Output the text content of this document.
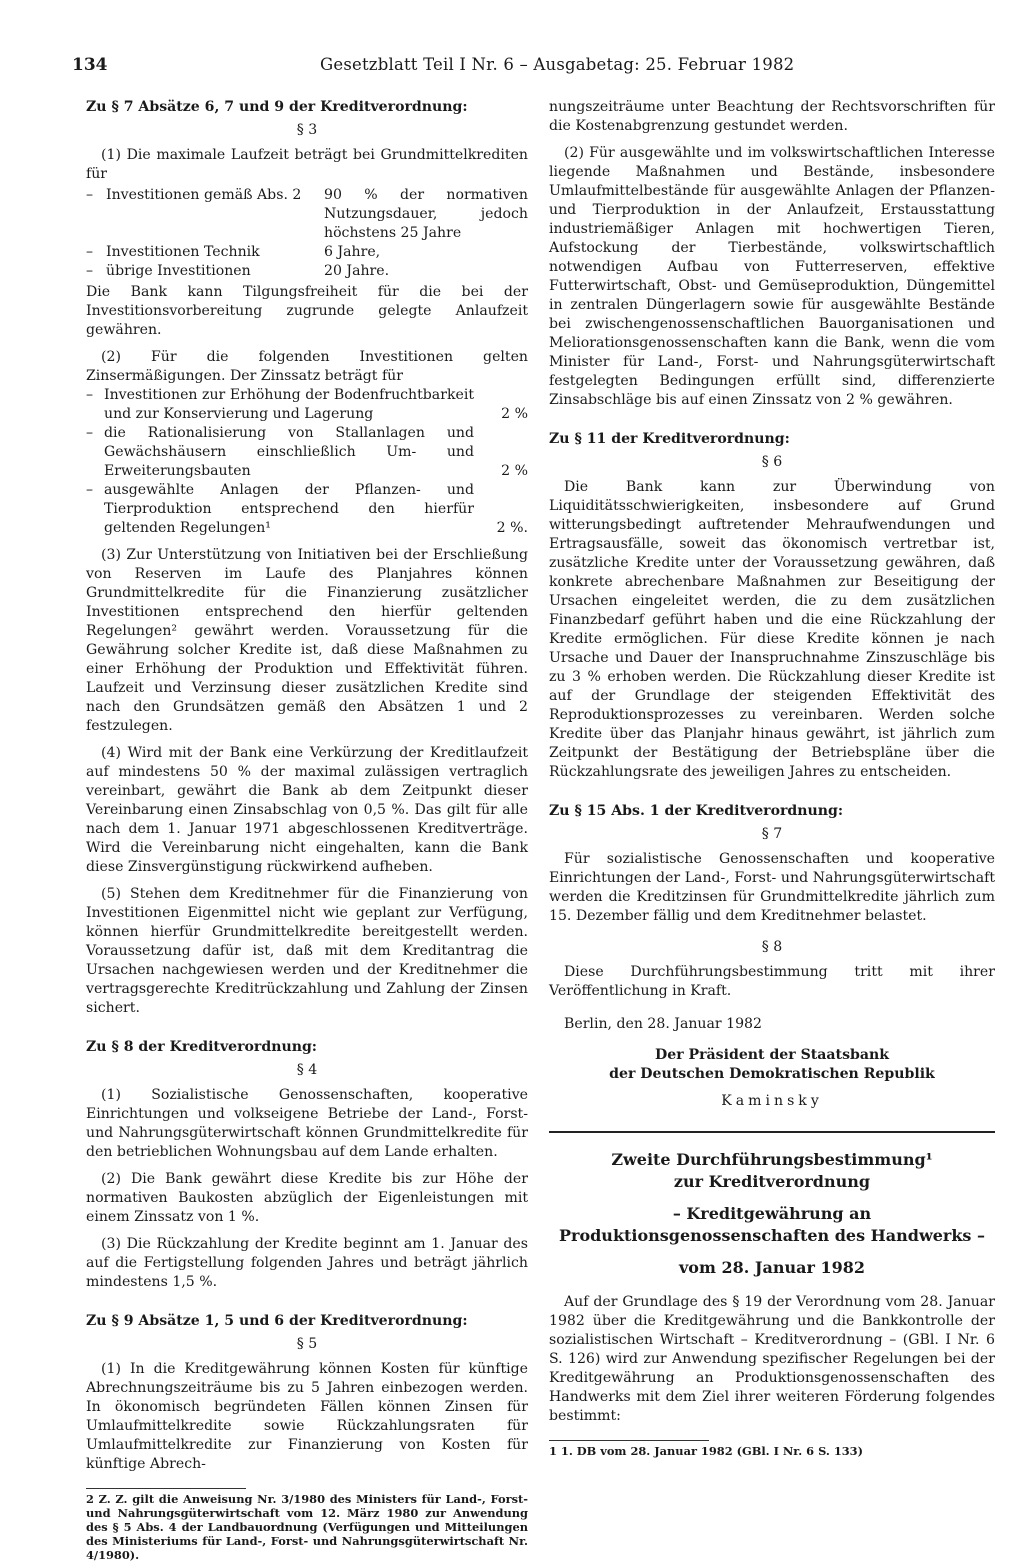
134	Gesetzblatt Teil I Nr. 6 – Ausgabetag: 25. Februar 1982

Zu § 7 Absätze 6, 7 und 9 der Kreditverordnung:

§ 3

(1) Die maximale Laufzeit beträgt bei Grundmittelkrediten für

– Investitionen gemäß Abs. 2	90 % der normativen Nutzungsdauer, jedoch höchstens 25 Jahre
– Investitionen Technik	6 Jahre,
– übrige Investitionen	20 Jahre.

Die Bank kann Tilgungsfreiheit für die bei der Investitionsvorbereitung zugrunde gelegte Anlaufzeit gewähren.

(2) Für die folgenden Investitionen gelten Zinsermäßigungen. Der Zinssatz beträgt für

– Investitionen zur Erhöhung der Bodenfruchtbarkeit und zur Konservierung und Lagerung	2 %
– die Rationalisierung von Stallanlagen und Gewächshäusern einschließlich Um- und Erweiterungsbauten	2 %
– ausgewählte Anlagen der Pflanzen- und Tierproduktion entsprechend den hierfür geltenden Regelungen¹	2 %.

(3) Zur Unterstützung von Initiativen bei der Erschließung von Reserven im Laufe des Planjahres können Grundmittelkredite für die Finanzierung zusätzlicher Investitionen entsprechend den hierfür geltenden Regelungen² gewährt werden. Voraussetzung für die Gewährung solcher Kredite ist, daß diese Maßnahmen zu einer Erhöhung der Produktion und Effektivität führen. Laufzeit und Verzinsung dieser zusätzlichen Kredite sind nach den Grundsätzen gemäß den Absätzen 1 und 2 festzulegen.

(4) Wird mit der Bank eine Verkürzung der Kreditlaufzeit auf mindestens 50 % der maximal zulässigen vertraglich vereinbart, gewährt die Bank ab dem Zeitpunkt dieser Vereinbarung einen Zinsabschlag von 0,5 %. Das gilt für alle nach dem 1. Januar 1971 abgeschlossenen Kreditverträge. Wird die Vereinbarung nicht eingehalten, kann die Bank diese Zinsvergünstigung rückwirkend aufheben.

(5) Stehen dem Kreditnehmer für die Finanzierung von Investitionen Eigenmittel nicht wie geplant zur Verfügung, können hierfür Grundmittelkredite bereitgestellt werden. Voraussetzung dafür ist, daß mit dem Kreditantrag die Ursachen nachgewiesen werden und der Kreditnehmer die vertragsgerechte Kreditrückzahlung und Zahlung der Zinsen sichert.

Zu § 8 der Kreditverordnung:

§ 4

(1) Sozialistische Genossenschaften, kooperative Einrichtungen und volkseigene Betriebe der Land-, Forst- und Nahrungsgüterwirtschaft können Grundmittelkredite für den betrieblichen Wohnungsbau auf dem Lande erhalten.

(2) Die Bank gewährt diese Kredite bis zur Höhe der normativen Baukosten abzüglich der Eigenleistungen mit einem Zinssatz von 1 %.

(3) Die Rückzahlung der Kredite beginnt am 1. Januar des auf die Fertigstellung folgenden Jahres und beträgt jährlich mindestens 1,5 %.

Zu § 9 Absätze 1, 5 und 6 der Kreditverordnung:

§ 5

(1) In die Kreditgewährung können Kosten für künftige Abrechnungszeiträume bis zu 5 Jahren einbezogen werden. In ökonomisch begründeten Fällen können Zinsen für Umlaufmittelkredite sowie Rückzahlungsraten für Umlaufmittelkredite zur Finanzierung von Kosten für künftige Abrech-

2 Z. Z. gilt die Anweisung Nr. 3/1980 des Ministers für Land-, Forst- und Nahrungsgüterwirtschaft vom 12. März 1980 zur Anwendung des § 5 Abs. 4 der Landbauordnung (Verfügungen und Mitteilungen des Ministeriums für Land-, Forst- und Nahrungsgüterwirtschaft Nr. 4/1980).

nungszeiträume unter Beachtung der Rechtsvorschriften für die Kostenabgrenzung gestundet werden.

(2) Für ausgewählte und im volkswirtschaftlichen Interesse liegende Maßnahmen und Bestände, insbesondere Umlaufmittelbestände für ausgewählte Anlagen der Pflanzen- und Tierproduktion in der Anlaufzeit, Erstausstattung industriemäßiger Anlagen mit hochwertigen Tieren, Aufstockung der Tierbestände, volkswirtschaftlich notwendigen Aufbau von Futterreserven, effektive Futterwirtschaft, Obst- und Gemüseproduktion, Düngemittel in zentralen Düngerlagern sowie für ausgewählte Bestände bei zwischengenossenschaftlichen Bauorganisationen und Meliorationsgenossenschaften kann die Bank, wenn die vom Minister für Land-, Forst- und Nahrungsgüterwirtschaft festgelegten Bedingungen erfüllt sind, differenzierte Zinsabschläge bis auf einen Zinssatz von 2 % gewähren.

Zu § 11 der Kreditverordnung:

§ 6

Die Bank kann zur Überwindung von Liquiditätsschwierigkeiten, insbesondere auf Grund witterungsbedingt auftretender Mehraufwendungen und Ertragsausfälle, soweit das ökonomisch vertretbar ist, zusätzliche Kredite unter der Voraussetzung gewähren, daß konkrete abrechenbare Maßnahmen zur Beseitigung der Ursachen eingeleitet werden, die zu dem zusätzlichen Finanzbedarf geführt haben und die eine Rückzahlung der Kredite ermöglichen. Für diese Kredite können je nach Ursache und Dauer der Inanspruchnahme Zinszuschläge bis zu 3 % erhoben werden. Die Rückzahlung dieser Kredite ist auf der Grundlage der steigenden Effektivität des Reproduktionsprozesses zu vereinbaren. Werden solche Kredite über das Planjahr hinaus gewährt, ist jährlich zum Zeitpunkt der Bestätigung der Betriebspläne über die Rückzahlungsrate des jeweiligen Jahres zu entscheiden.

Zu § 15 Abs. 1 der Kreditverordnung:

§ 7

Für sozialistische Genossenschaften und kooperative Einrichtungen der Land-, Forst- und Nahrungsgüterwirtschaft werden die Kreditzinsen für Grundmittelkredite jährlich zum 15. Dezember fällig und dem Kreditnehmer belastet.

§ 8

Diese Durchführungsbestimmung tritt mit ihrer Veröffentlichung in Kraft.

Berlin, den 28. Januar 1982

Der Präsident der Staatsbank

der Deutschen Demokratischen Republik

Kaminsky

Zweite Durchführungsbestimmung¹

zur Kreditverordnung

– Kreditgewährung an Produktionsgenossenschaften des Handwerks –

vom 28. Januar 1982

Auf der Grundlage des § 19 der Verordnung vom 28. Januar 1982 über die Kreditgewährung und die Bankkontrolle der sozialistischen Wirtschaft – Kreditverordnung – (GBl. I Nr. 6 S. 126) wird zur Anwendung spezifischer Regelungen bei der Kreditgewährung an Produktionsgenossenschaften des Handwerks mit dem Ziel ihrer weiteren Förderung folgendes bestimmt:

1 1. DB vom 28. Januar 1982 (GBl. I Nr. 6 S. 133)
